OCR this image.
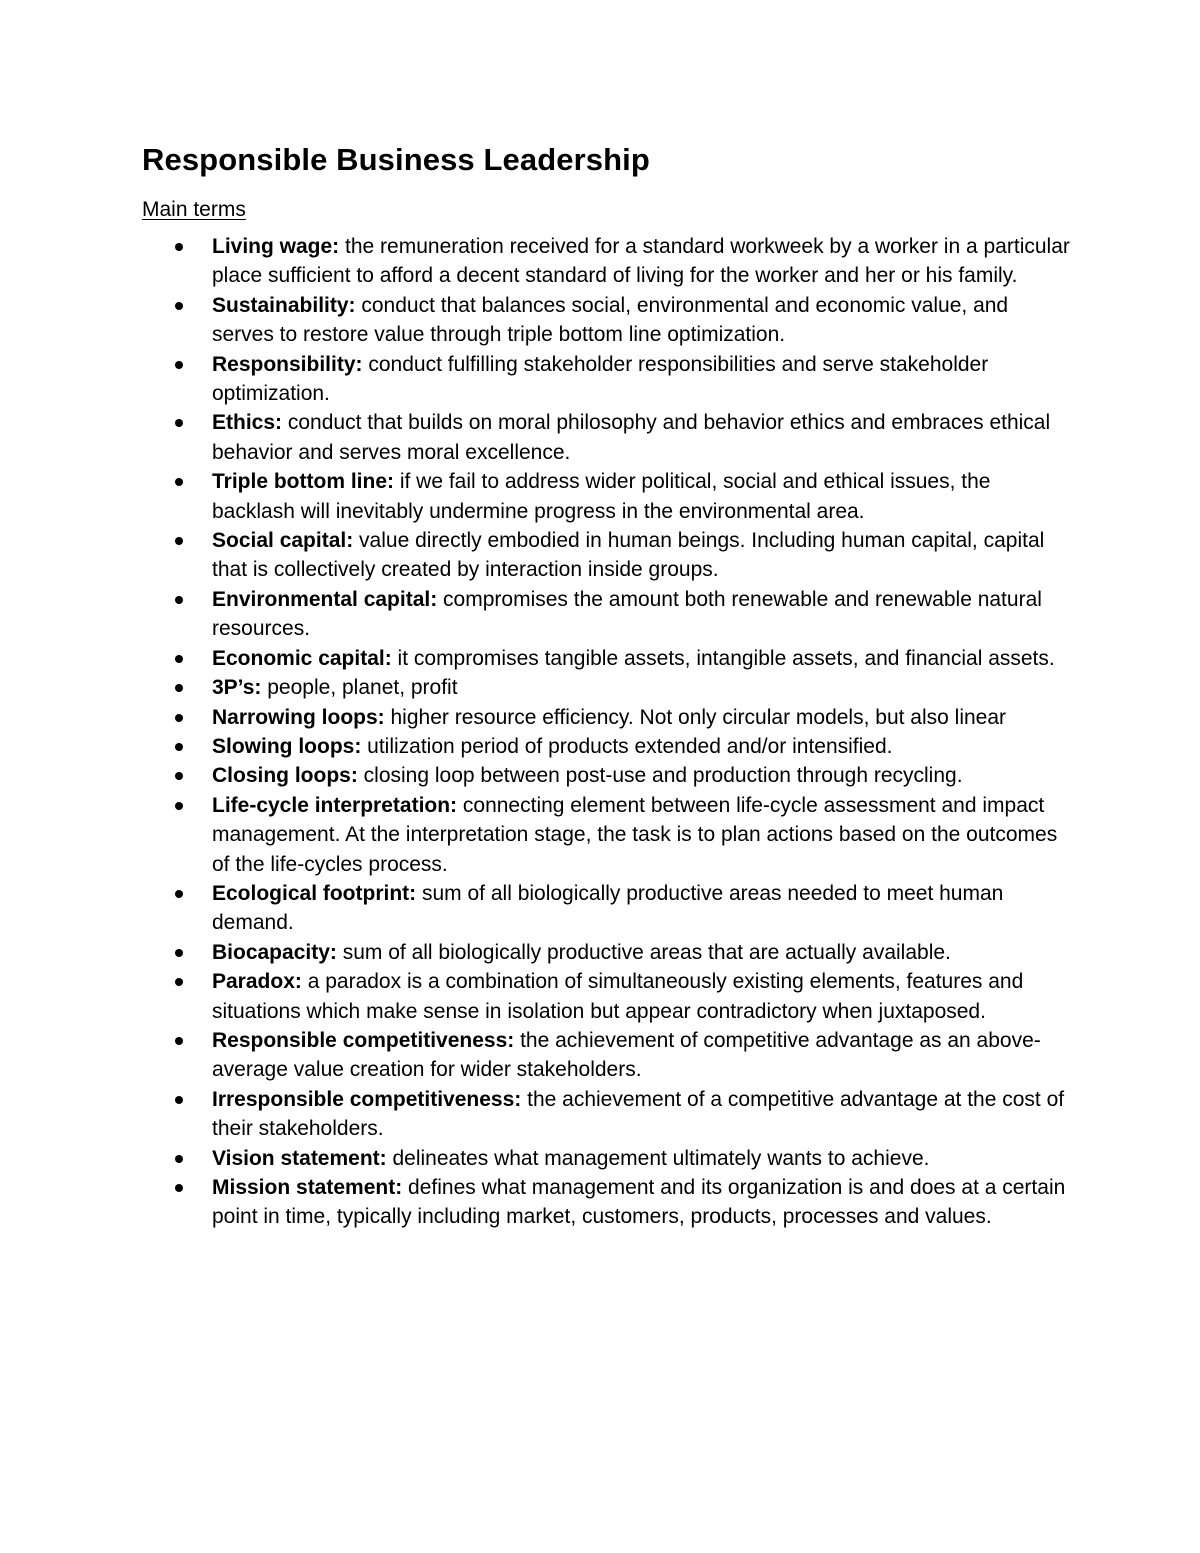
Responsible Business Leadership
Main terms
Living wage: the remuneration received for a standard workweek by a worker in a particular place sufficient to afford a decent standard of living for the worker and her or his family.
Sustainability: conduct that balances social, environmental and economic value, and serves to restore value through triple bottom line optimization.
Responsibility: conduct fulfilling stakeholder responsibilities and serve stakeholder optimization.
Ethics: conduct that builds on moral philosophy and behavior ethics and embraces ethical behavior and serves moral excellence.
Triple bottom line: if we fail to address wider political, social and ethical issues, the backlash will inevitably undermine progress in the environmental area.
Social capital: value directly embodied in human beings. Including human capital, capital that is collectively created by interaction inside groups.
Environmental capital: compromises the amount both renewable and renewable natural resources.
Economic capital: it compromises tangible assets, intangible assets, and financial assets.
3P’s: people, planet, profit
Narrowing loops: higher resource efficiency. Not only circular models, but also linear
Slowing loops: utilization period of products extended and/or intensified.
Closing loops: closing loop between post-use and production through recycling.
Life-cycle interpretation: connecting element between life-cycle assessment and impact management. At the interpretation stage, the task is to plan actions based on the outcomes of the life-cycles process.
Ecological footprint: sum of all biologically productive areas needed to meet human demand.
Biocapacity: sum of all biologically productive areas that are actually available.
Paradox: a paradox is a combination of simultaneously existing elements, features and situations which make sense in isolation but appear contradictory when juxtaposed.
Responsible competitiveness: the achievement of competitive advantage as an above-average value creation for wider stakeholders.
Irresponsible competitiveness: the achievement of a competitive advantage at the cost of their stakeholders.
Vision statement: delineates what management ultimately wants to achieve.
Mission statement: defines what management and its organization is and does at a certain point in time, typically including market, customers, products, processes and values.
